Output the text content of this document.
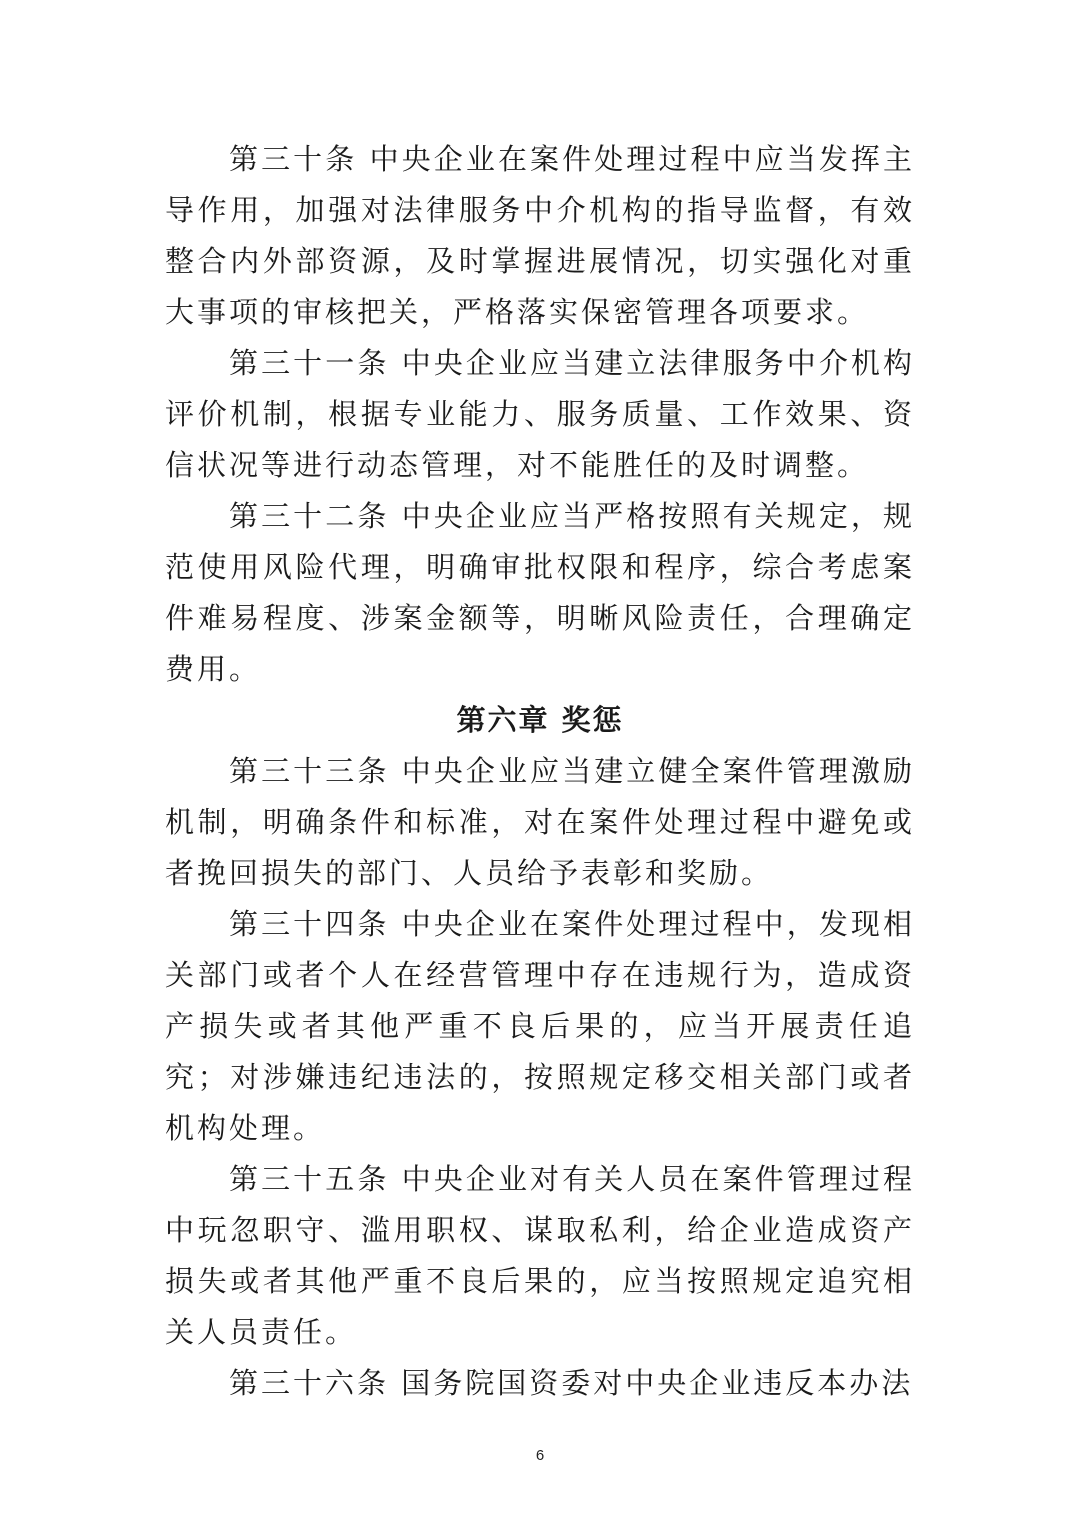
第三十条 中央企业在案件处理过程中应当发挥主导作用，加强对法律服务中介机构的指导监督，有效整合内外部资源，及时掌握进展情况，切实强化对重大事项的审核把关，严格落实保密管理各项要求。

第三十一条 中央企业应当建立法律服务中介机构评价机制，根据专业能力、服务质量、工作效果、资信状况等进行动态管理，对不能胜任的及时调整。

第三十二条 中央企业应当严格按照有关规定，规范使用风险代理，明确审批权限和程序，综合考虑案件难易程度、涉案金额等，明晰风险责任，合理确定费用。

第六章 奖惩

第三十三条 中央企业应当建立健全案件管理激励机制，明确条件和标准，对在案件处理过程中避免或者挽回损失的部门、人员给予表彰和奖励。

第三十四条 中央企业在案件处理过程中，发现相关部门或者个人在经营管理中存在违规行为，造成资产损失或者其他严重不良后果的，应当开展责任追究；对涉嫌违纪违法的，按照规定移交相关部门或者机构处理。

第三十五条 中央企业对有关人员在案件管理过程中玩忽职守、滥用职权、谋取私利，给企业造成资产损失或者其他严重不良后果的，应当按照规定追究相关人员责任。

第三十六条 国务院国资委对中央企业违反本办法

6
